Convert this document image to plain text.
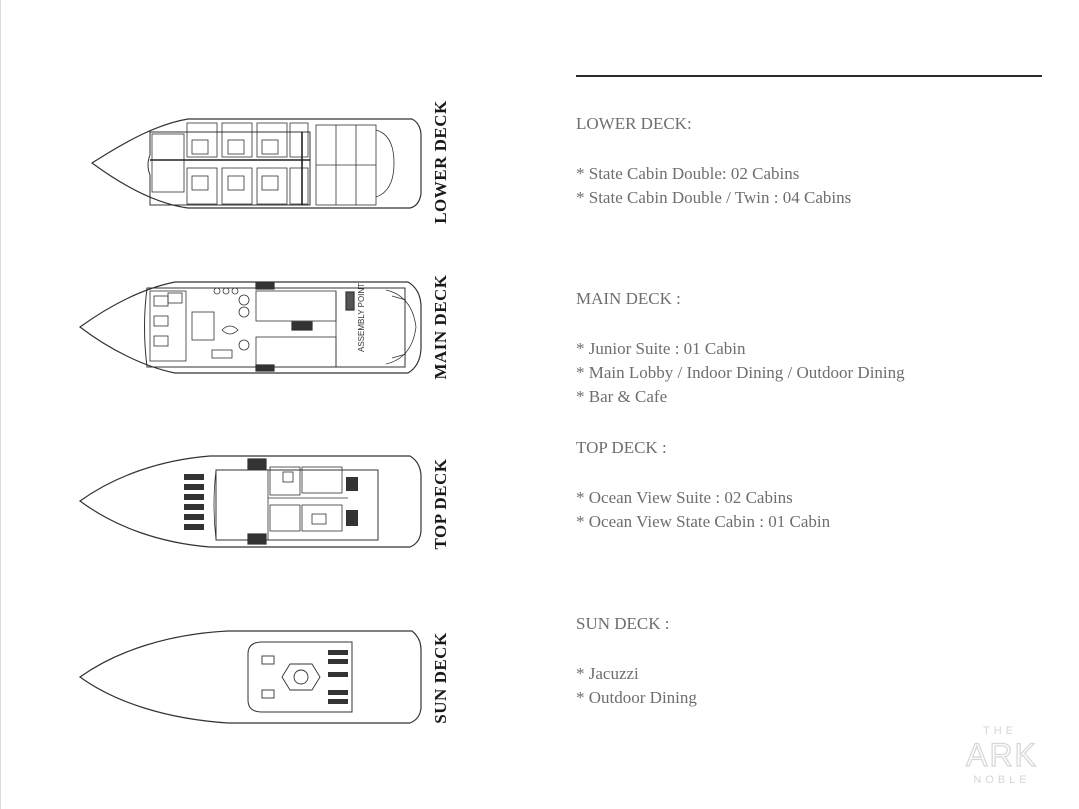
ASSEMBLY POINT
LOWER DECK
MAIN DECK
TOP DECK
SUN DECK
LOWER DECK:
* State Cabin Double: 02 Cabins
* State Cabin Double / Twin : 04 Cabins
MAIN DECK :
* Junior Suite : 01 Cabin
* Main Lobby / Indoor Dining / Outdoor Dining
* Bar & Cafe
TOP DECK :
* Ocean View Suite : 02 Cabins
* Ocean View State Cabin : 01 Cabin
SUN DECK :
* Jacuzzi
* Outdoor Dining
THE
ARK
NOBLE
